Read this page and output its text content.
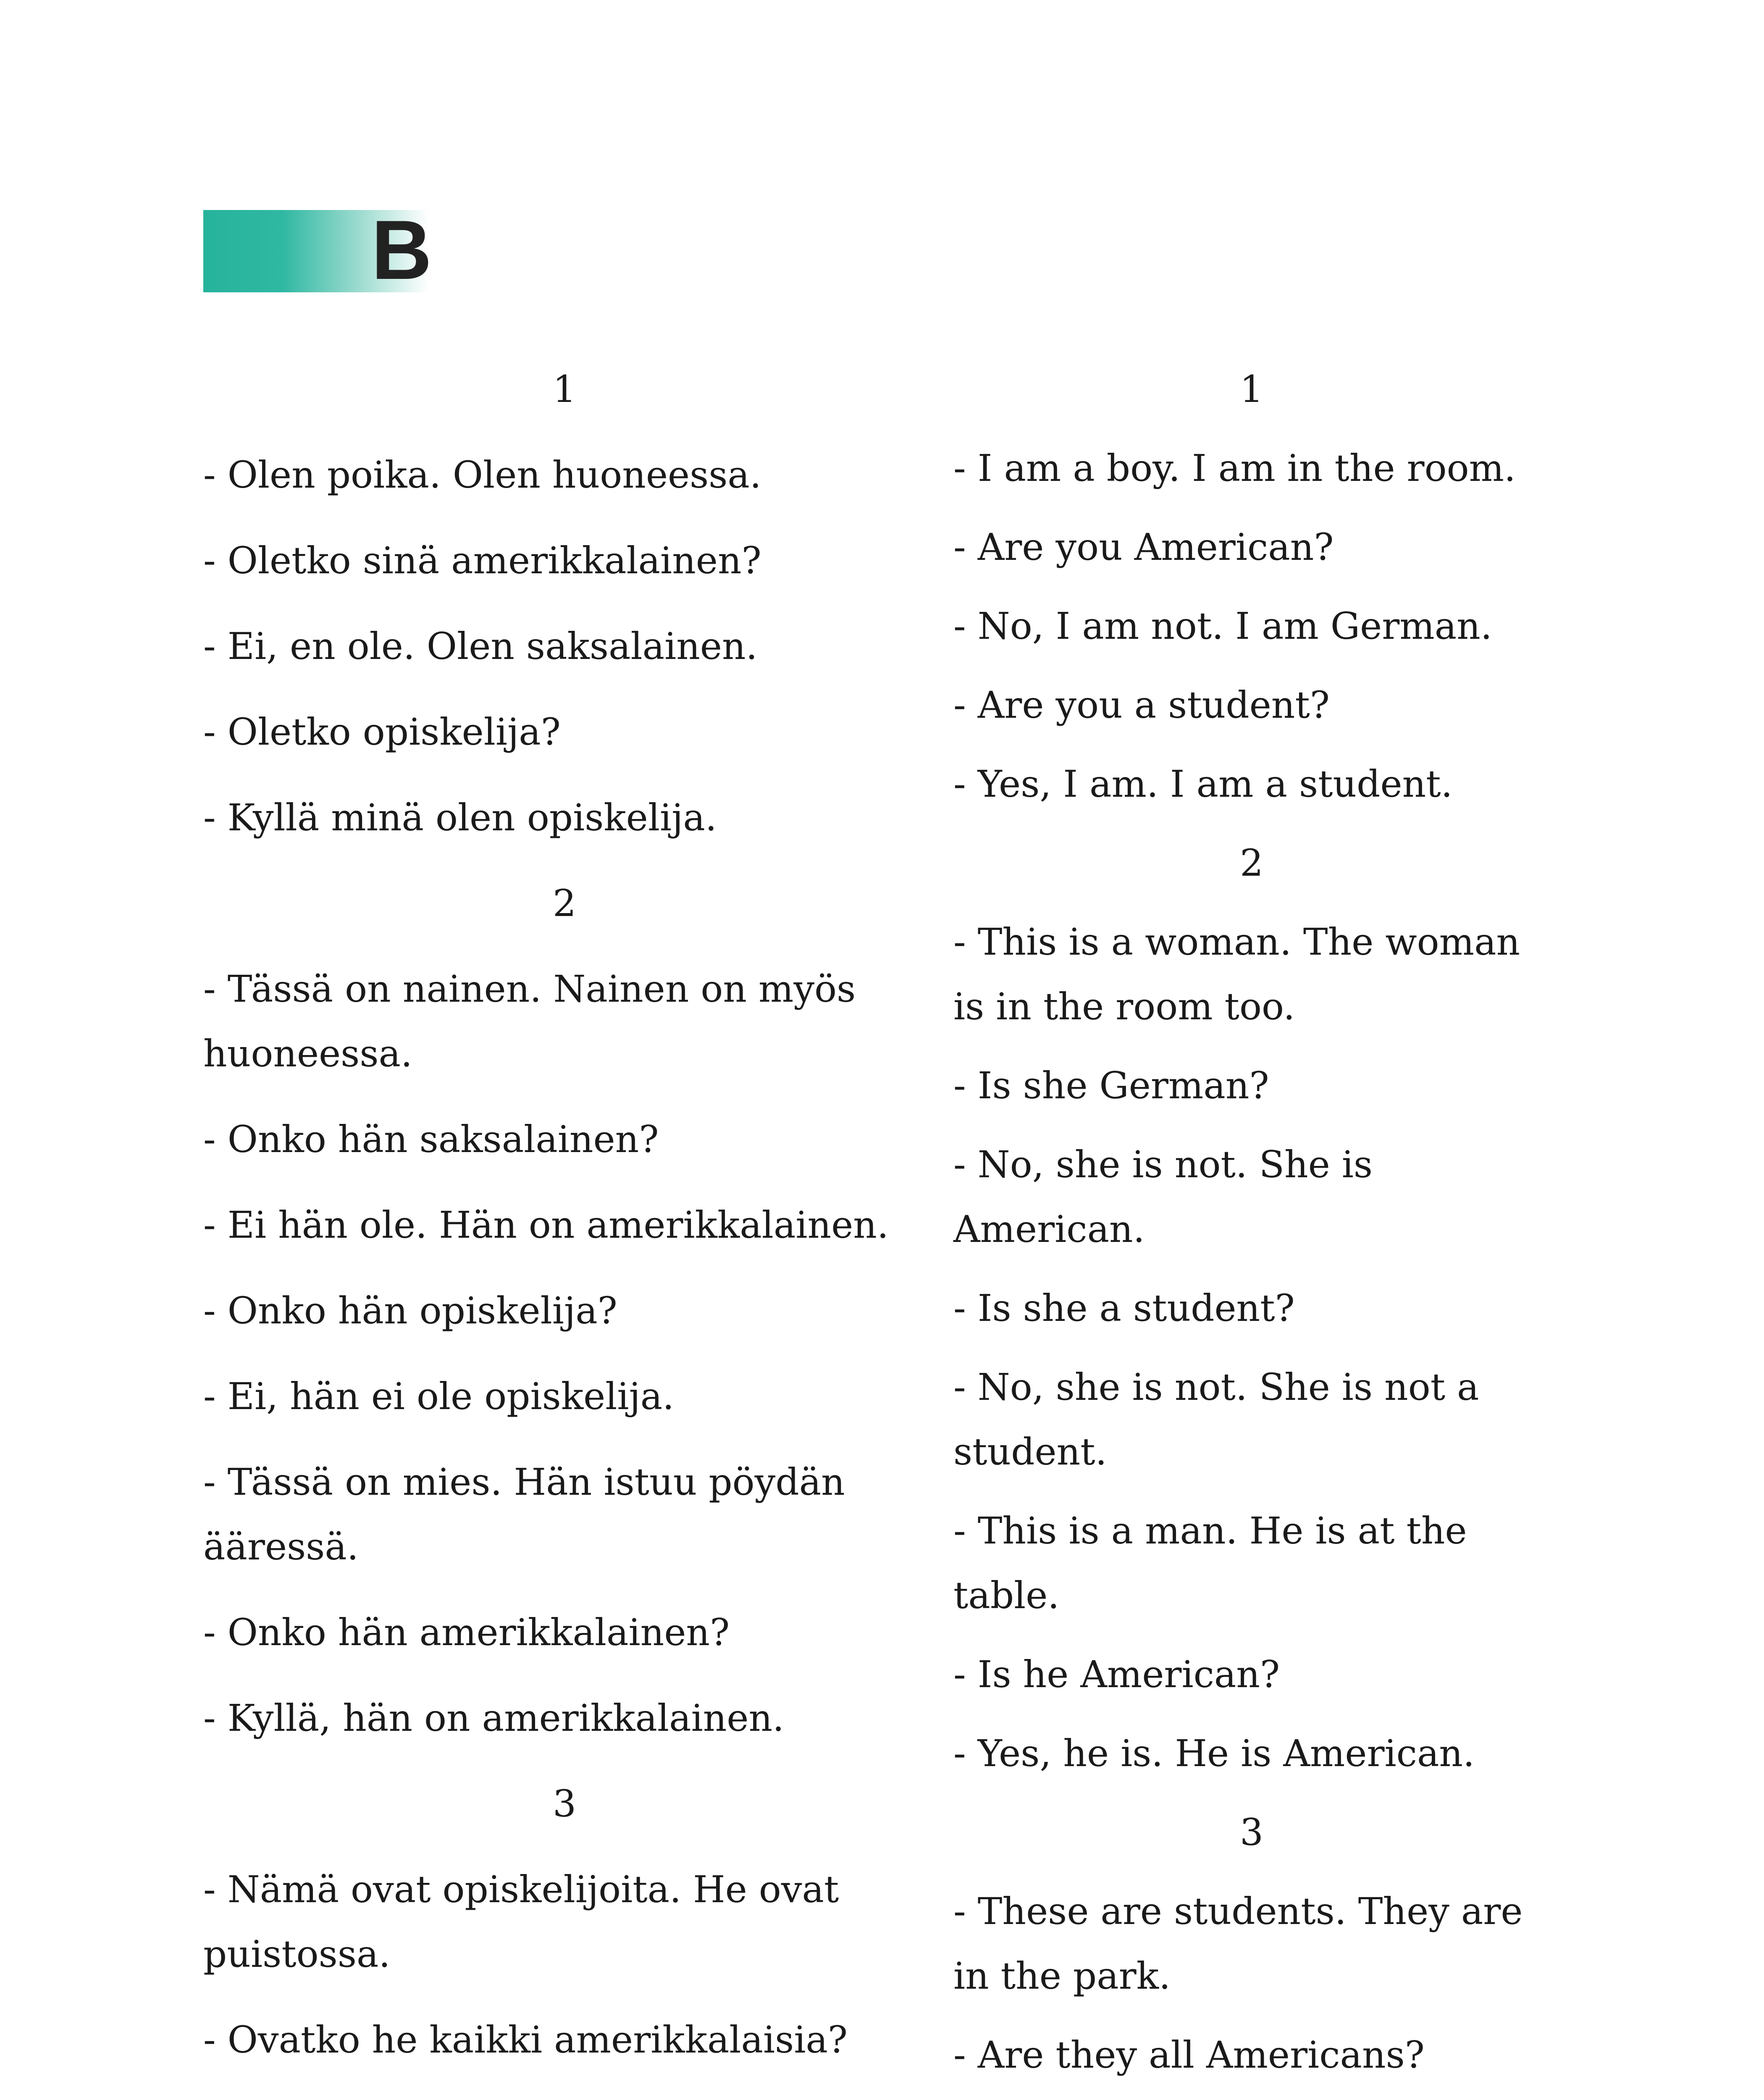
B

1

- Olen poika. Olen huoneessa.

- Oletko sinä amerikkalainen?

- Ei, en ole. Olen saksalainen.

- Oletko opiskelija?

- Kyllä minä olen opiskelija.

2

- Tässä on nainen. Nainen on myös huoneessa.

- Onko hän saksalainen?

- Ei hän ole. Hän on amerikkalainen.

- Onko hän opiskelija?

- Ei, hän ei ole opiskelija.

- Tässä on mies. Hän istuu pöydän ääressä.

- Onko hän amerikkalainen?

- Kyllä, hän on amerikkalainen.

3

- Nämä ovat opiskelijoita. He ovat puistossa.

- Ovatko he kaikki amerikkalaisia?

1

- I am a boy. I am in the room.

- Are you American?

- No, I am not. I am German.

- Are you a student?

- Yes, I am. I am a student.

2

- This is a woman. The woman is in the room too.

- Is she German?

- No, she is not. She is American.

- Is she a student?

- No, she is not. She is not a student.

- This is a man. He is at the table.

- Is he American?

- Yes, he is. He is American.

3

- These are students. They are in the park.

- Are they all Americans?
